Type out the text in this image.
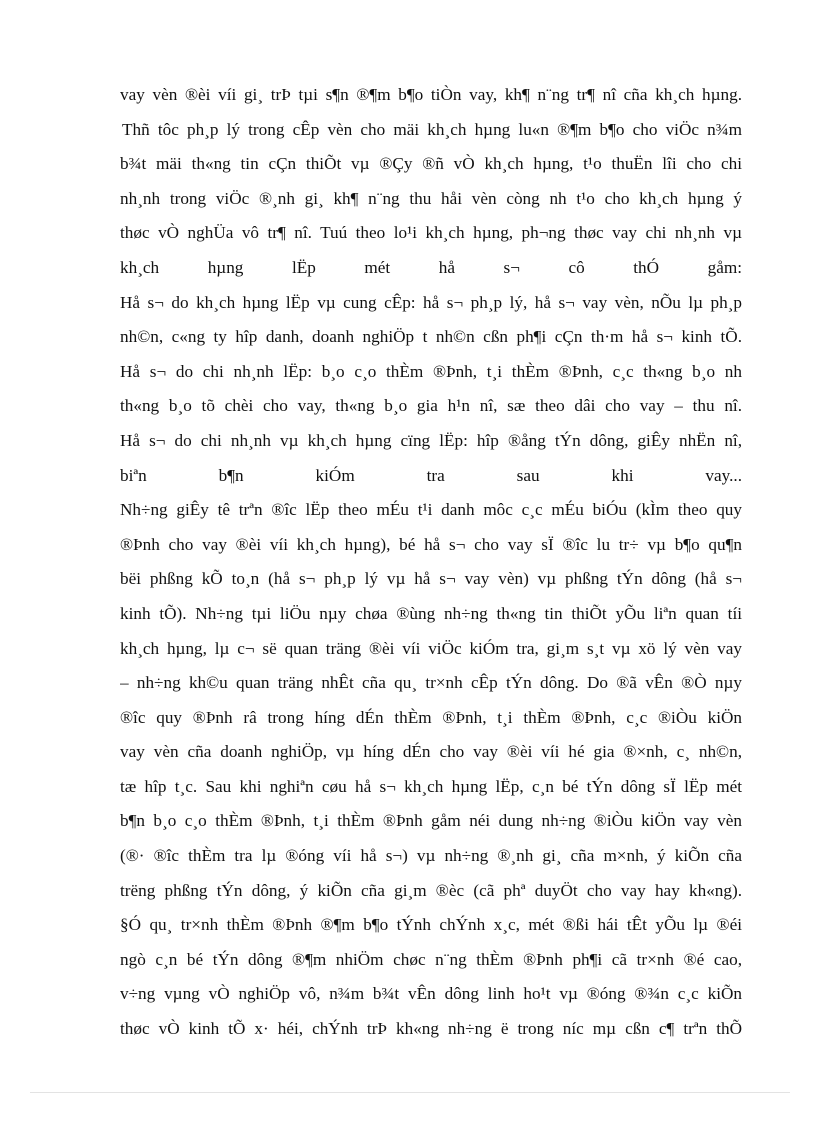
vay vèn ®èi víi gi¸ trÞ tµi s¶n ®¶m b¶o tiÒn vay, kh¶ n¨ng tr¶ nî cña kh¸ch hµng.
Thñ tôc ph¸p lý trong cÊp vèn cho mäi kh¸ch hµng lu«n ®¶m b¶o cho viÖc n¾m
b¾t mäi th«ng tin cÇn thiÕt vµ ®Çy ®ñ vÒ kh¸ch hµng, t¹o thuËn lîi cho chi
nh¸nh trong viÖc ®¸nh gi¸ kh¶ n¨ng thu håi vèn còng nh t¹o cho kh¸ch hµng ý
thøc vÒ nghÜa vô tr¶ nî. Tuú theo lo¹i kh¸ch hµng, ph¬ng thøc vay chi nh¸nh vµ
kh¸ch hµng lËp mét hå s¬ cô thÓ gåm:
Hå s¬ do kh¸ch hµng lËp vµ cung cÊp: hå s¬ ph¸p lý, hå s¬ vay vèn, nÕu lµ ph¸p
nh©n, c«ng ty hîp danh, doanh nghiÖp t nh©n cßn ph¶i cÇn th·m hå s¬ kinh tÕ.
Hå s¬ do chi nh¸nh lËp: b¸o c¸o thÈm ®Þnh, t¸i thÈm ®Þnh, c¸c th«ng b¸o nh
th«ng b¸o tõ chèi cho vay, th«ng b¸o gia h¹n nî, sæ theo dâi cho vay – thu nî.
Hå s¬ do chi nh¸nh vµ kh¸ch hµng cïng lËp: hîp ®ång tÝn dông, giÊy nhËn nî,
biªn b¶n kiÓm tra sau khi vay...
Nh÷ng giÊy tê trªn ®îc lËp theo mÉu t¹i danh môc c¸c mÉu biÓu (kÌm theo quy
®Þnh cho vay ®èi víi kh¸ch hµng), bé hå s¬ cho vay sÏ ®îc lu tr÷ vµ b¶o qu¶n
bëi phßng kÕ to¸n (hå s¬ ph¸p lý vµ hå s¬ vay vèn) vµ phßng tÝn dông (hå s¬
kinh tÕ). Nh÷ng tµi liÖu nµy chøa ®ùng nh÷ng th«ng tin thiÕt yÕu liªn quan tíi
kh¸ch hµng, lµ c¬ së quan träng ®èi víi viÖc kiÓm tra, gi¸m s¸t vµ xö lý vèn vay
– nh÷ng kh©u quan träng nhÊt cña qu¸ tr×nh cÊp tÝn dông. Do ®ã vÊn ®Ò nµy
®îc quy ®Þnh râ trong híng dÉn thÈm ®Þnh, t¸i thÈm ®Þnh, c¸c ®iÒu kiÖn
vay vèn cña doanh nghiÖp, vµ híng dÉn cho vay ®èi víi hé gia ®×nh, c¸ nh©n,
tæ hîp t¸c. Sau khi nghiªn cøu hå s¬ kh¸ch hµng lËp, c¸n bé tÝn dông sÏ lËp mét
b¶n b¸o c¸o thÈm ®Þnh, t¸i thÈm ®Þnh gåm néi dung nh÷ng ®iÒu kiÖn vay vèn
(®· ®îc thÈm tra lµ ®óng víi hå s¬) vµ nh÷ng ®¸nh gi¸ cña m×nh, ý kiÕn cña
trëng phßng tÝn dông, ý kiÕn cña gi¸m ®èc (cã phª duyÖt cho vay hay kh«ng).
§Ó qu¸ tr×nh thÈm ®Þnh ®¶m b¶o tÝnh chÝnh x¸c, mét ®ßi hái tÊt yÕu lµ ®éi
ngò c¸n bé tÝn dông ®¶m nhiÖm chøc n¨ng thÈm ®Þnh ph¶i cã tr×nh ®é cao,
v÷ng vµng vÒ nghiÖp vô, n¾m b¾t vÊn dông linh ho¹t vµ ®óng ®¾n c¸c kiÕn
thøc vÒ kinh tÕ x· héi, chÝnh trÞ kh«ng nh÷ng ë trong níc mµ cßn c¶ trªn thÕ
